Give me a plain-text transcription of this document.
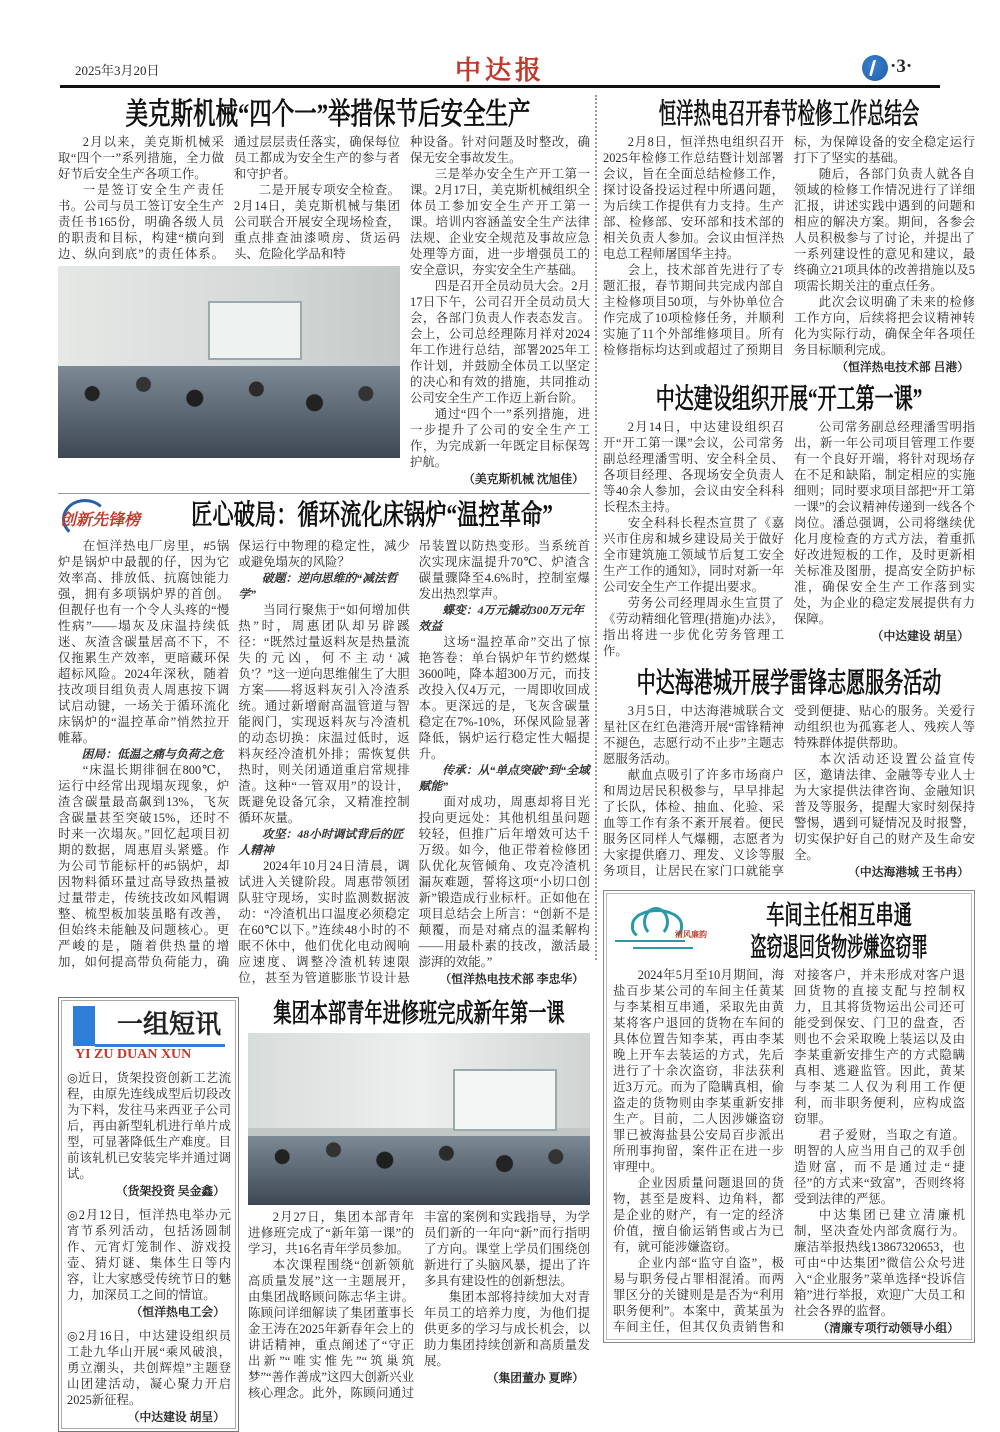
2025年3月20日	中达报	·3·
美克斯机械“四个一”举措保节后安全生产

2月以来，美克斯机械采取“四个一”系列措施，全力做好节后安全生产各项工作。

一是签订安全生产责任书。公司与员工签订安全生产责任书165份，明确各级人员的职责和目标，构建“横向到边、纵向到底”的责任体系。通过层层责任落实，确保每位员工都成为安全生产的参与者和守护者。

二是开展专项安全检查。2月14日，美克斯机械与集团公司联合开展安全现场检查，重点排查油漆喷房、货运码头、危险化学品和特

种设备。针对问题及时整改，确保无安全事故发生。

三是举办安全生产开工第一课。2月17日，美克斯机械组织全体员工参加安全生产开工第一课。培训内容涵盖安全生产法律法规、企业安全规范及事故应急处理等方面，进一步增强员工的安全意识，夯实安全生产基础。

四是召开全员动员大会。2月17日下午，公司召开全员动员大会，各部门负责人作表态发言。会上，公司总经理陈月祥对2024年工作进行总结，部署2025年工作计划，并鼓励全体员工以坚定的决心和有效的措施，共同推动公司安全生产工作迈上新台阶。

通过“四个一”系列措施，进一步提升了公司的安全生产工作，为完成新一年既定目标保驾护航。

（美克斯机械 沈旭佳）
创新先锋榜	匠心破局：循环流化床锅炉“温控革命”

在恒洋热电厂房里，#5锅炉是锅炉中最靓的仔，因为它效率高、排放低、抗腐蚀能力强，拥有多项锅炉界的首创。但靓仔也有一个令人头疼的“慢性病”——塌灰及床温持续低迷、灰渣含碳量居高不下，不仅拖累生产效率，更暗藏环保超标风险。2024年深秋，随着技改项目组负责人周惠按下调试启动键，一场关于循环流化床锅炉的“温控革命”悄然拉开帷幕。

困局：低温之痛与负荷之危

“床温长期徘徊在800℃，运行中经常出现塌灰现象，炉渣含碳量最高飙到13%，飞灰含碳量甚至突破15%，还时不时来一次塌灰。”回忆起项目初期的数据，周惠眉头紧蹙。作为公司节能标杆的#5锅炉，却因物料循环量过高导致热量被过量带走，传统技改如风帽调整、梳型板加装虽略有改善，但始终未能触及问题核心。更严峻的是，随着供热量的增加，如何提高带负荷能力，确保运行中物理的稳定性，减少或避免塌灰的风险？

破题：逆向思维的“减法哲学”

当同行聚焦于“如何增加供热”时，周惠团队却另辟蹊径：“既然过量返料灰是热量流失的元凶，何不主动‘减负’？”这一逆向思维催生了大胆方案——将返料灰引入冷渣系统。通过新增耐高温管道与智能阀门，实现返料灰与冷渣机的动态切换：床温过低时，返料灰经冷渣机外排；需恢复供热时，则关闭通道重启常规排渣。这种“一管双用”的设计，既避免设备冗余，又精准控制循环灰量。

攻坚：48小时调试背后的匠人精神

2024年10月24日清晨，调试进入关键阶段。周惠带领团队驻守现场，实时监测数据波动：“冷渣机出口温度必须稳定在60℃以下。”连续48小时的不眠不休中，他们优化电动阀响应速度、调整冷渣机转速限位，甚至为管道膨胀节设计悬吊装置以防热变形。当系统首次实现床温提升70℃、炉渣含碳量骤降至4.6%时，控制室爆发出热烈掌声。

蝶变：4万元撬动300万元年效益

这场“温控革命”交出了惊艳答卷：单台锅炉年节约燃煤3600吨，降本超300万元，而技改投入仅4万元，一周即收回成本。更深远的是，飞灰含碳量稳定在7%-10%，环保风险显著降低，锅炉运行稳定性大幅提升。

传承：从“单点突破”到“全域赋能”

面对成功，周惠却将目光投向更远处：其他机组虽问题较轻，但推广后年增效可达千万级。如今，他正带着检修团队优化灰管倾角、攻克冷渣机漏灰难题，誓将这项“小切口创新”锻造成行业标杆。正如他在项目总结会上所言：“创新不是颠覆，而是对痛点的温柔解构——用最朴素的技改，激活最澎湃的效能。”

（恒洋热电技术部 李忠华）
一组短讯
YI ZU DUAN XUN

◎近日，货架投资创新工艺流程，由原先连线成型后切段改为下料，发往马来西亚子公司后，再由新型轧机进行单片成型，可显著降低生产难度。目前该轧机已安装完毕并通过调试。

（货架投资 吴金鑫）

◎2月12日，恒洋热电举办元宵节系列活动，包括汤圆制作、元宵灯笼制作、游戏投壶、猜灯谜、集体生日等内容，让大家感受传统节日的魅力，加深员工之间的情谊。

（恒洋热电工会）

◎2月16日，中达建设组织员工赴九华山开展“乘风破浪，勇立潮头，共创辉煌”主题登山团建活动，凝心聚力开启2025新征程。

（中达建设 胡呈）
集团本部青年进修班完成新年第一课

2月27日，集团本部青年进修班完成了“新年第一课”的学习，共16名青年学员参加。

本次课程围绕“创新领航高质量发展”这一主题展开，由集团战略顾问陈志华主讲。陈顾问详细解读了集团董事长金王涛在2025年新春年会上的讲话精神，重点阐述了“守正出新”“唯实惟先”“筑巢筑梦”“善作善成”这四大创新兴业核心理念。此外，陈顾问通过丰富的案例和实践指导，为学员们新的一年向“新”而行指明了方向。课堂上学员们围绕创新进行了头脑风暴，提出了许多具有建设性的创新想法。

集团本部将持续加大对青年员工的培养力度，为他们提供更多的学习与成长机会，以助力集团持续创新和高质量发展。

（集团董办 夏晔）
恒洋热电召开春节检修工作总结会

2月8日，恒洋热电组织召开2025年检修工作总结暨计划部署会议，旨在全面总结检修工作，探讨设备投运过程中所遇问题，为后续工作提供有力支持。生产部、检修部、安环部和技术部的相关负责人参加。会议由恒洋热电总工程师屠国华主持。

会上，技术部首先进行了专题汇报，春节期间共完成内部自主检修项目50项，与外协单位合作完成了10项检修任务，并顺利实施了11个外部维修项目。所有检修指标均达到或超过了预期目标，为保障设备的安全稳定运行打下了坚实的基础。

随后，各部门负责人就各自领域的检修工作情况进行了详细汇报，讲述实践中遇到的问题和相应的解决方案。期间，各参会人员积极参与了讨论，并提出了一系列建设性的意见和建议，最终确立21项具体的改善措施以及5项需长期关注的重点任务。

此次会议明确了未来的检修工作方向，后续将把会议精神转化为实际行动，确保全年各项任务目标顺利完成。

（恒洋热电技术部 吕港）
中达建设组织开展“开工第一课”

2月14日，中达建设组织召开“开工第一课”会议，公司常务副总经理潘雪明、安全科全员、各项目经理、各现场安全负责人等40余人参加，会议由安全科科长程杰主持。

安全科科长程杰宣贯了《嘉兴市住房和城乡建设局关于做好全市建筑施工领域节后复工安全生产工作的通知》，同时对新一年公司安全生产工作提出要求。

劳务公司经理周永生宣贯了《劳动精细化管理(措施)办法》，指出将进一步优化劳务管理工作。

公司常务副总经理潘雪明指出，新一年公司项目管理工作要有一个良好开端，将针对现场存在不足和缺陷，制定相应的实施细则；同时要求项目部把“开工第一课”的会议精神传递到一线各个岗位。潘总强调，公司将继续优化月度检查的方式方法，着重抓好改进短板的工作，及时更新相关标准及图册，提高安全防护标准，确保安全生产工作落到实处，为企业的稳定发展提供有力保障。

（中达建设 胡呈）
中达海港城开展学雷锋志愿服务活动

3月5日，中达海港城联合文星社区在红色港湾开展“雷锋精神不褪色，志愿行动不止步”主题志愿服务活动。

献血点吸引了许多市场商户和周边居民积极参与，早早排起了长队，体检、抽血、化验、采血等工作有条不紊开展着。便民服务区同样人气爆棚，志愿者为大家提供磨刀、理发、义诊等服务项目，让居民在家门口就能享受到便捷、贴心的服务。关爱行动组织也为孤寡老人、残疾人等特殊群体提供帮助。

本次活动还设置公益宣传区，邀请法律、金融等专业人士为大家提供法律咨询、金融知识普及等服务，提醒大家时刻保持警惕，遇到可疑情况及时报警，切实保护好自己的财产及生命安全。

（中达海港城 王书冉）
清风廉韵
车间主任相互串通
盗窃退回货物涉嫌盗窃罪

2024年5月至10月期间，海盐百步某公司的车间主任黄某与李某相互串通，采取先由黄某将客户退回的货物在车间的具体位置告知李某，再由李某晚上开车去装运的方式，先后进行了十余次盗窃，非法获利近3万元。而为了隐瞒真相，偷盗走的货物则由李某重新安排生产。目前，二人因涉嫌盗窃罪已被海盐县公安局百步派出所刑事拘留，案件正在进一步审理中。

企业因质量问题退回的货物，甚至是废料、边角料，都是企业的财产，有一定的经济价值，擅自偷运销售或占为已有，就可能涉嫌盗窃。

企业内部“监守自盗”，极易与职务侵占罪相混淆。而两罪区分的关键则是是否为“利用职务便利”。本案中，黄某虽为车间主任，但其仅负责销售和对接客户，并未形成对客户退回货物的直接支配与控制权力，且其将货物运出公司还可能受到保安、门卫的盘查，否则也不会采取晚上装运以及由李某重新安排生产的方式隐瞒真相、逃避监管。因此，黄某与李某二人仅为利用工作便利，而非职务便利，应构成盗窃罪。

君子爱财，当取之有道。明智的人应当用自己的双手创造财富，而不是通过走“捷径”的方式来“致富”，否则终将受到法律的严惩。

中达集团已建立清廉机制，坚决查处内部贪腐行为。廉洁举报热线13867320653，也可由“中达集团”微信公众号进入“企业服务”菜单选择“投诉信箱”进行举报，欢迎广大员工和社会各界的监督。

（清廉专项行动领导小组）
